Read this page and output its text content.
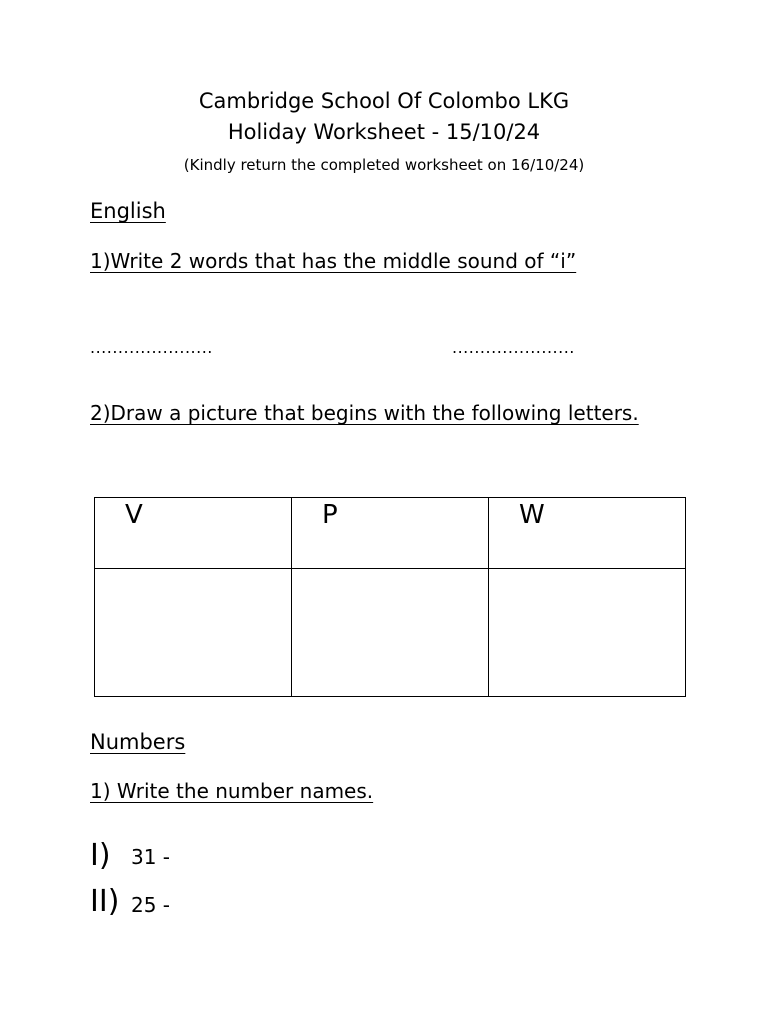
Cambridge School Of Colombo LKG
Holiday Worksheet - 15/10/24
(Kindly return the completed worksheet on 16/10/24)
English
1)Write 2 words that has the middle sound of “i”
......................	......................
2)Draw a picture that begins with the following letters.
V	P	W

Numbers
1) Write the number names.
I) 31 -
II) 25 -
